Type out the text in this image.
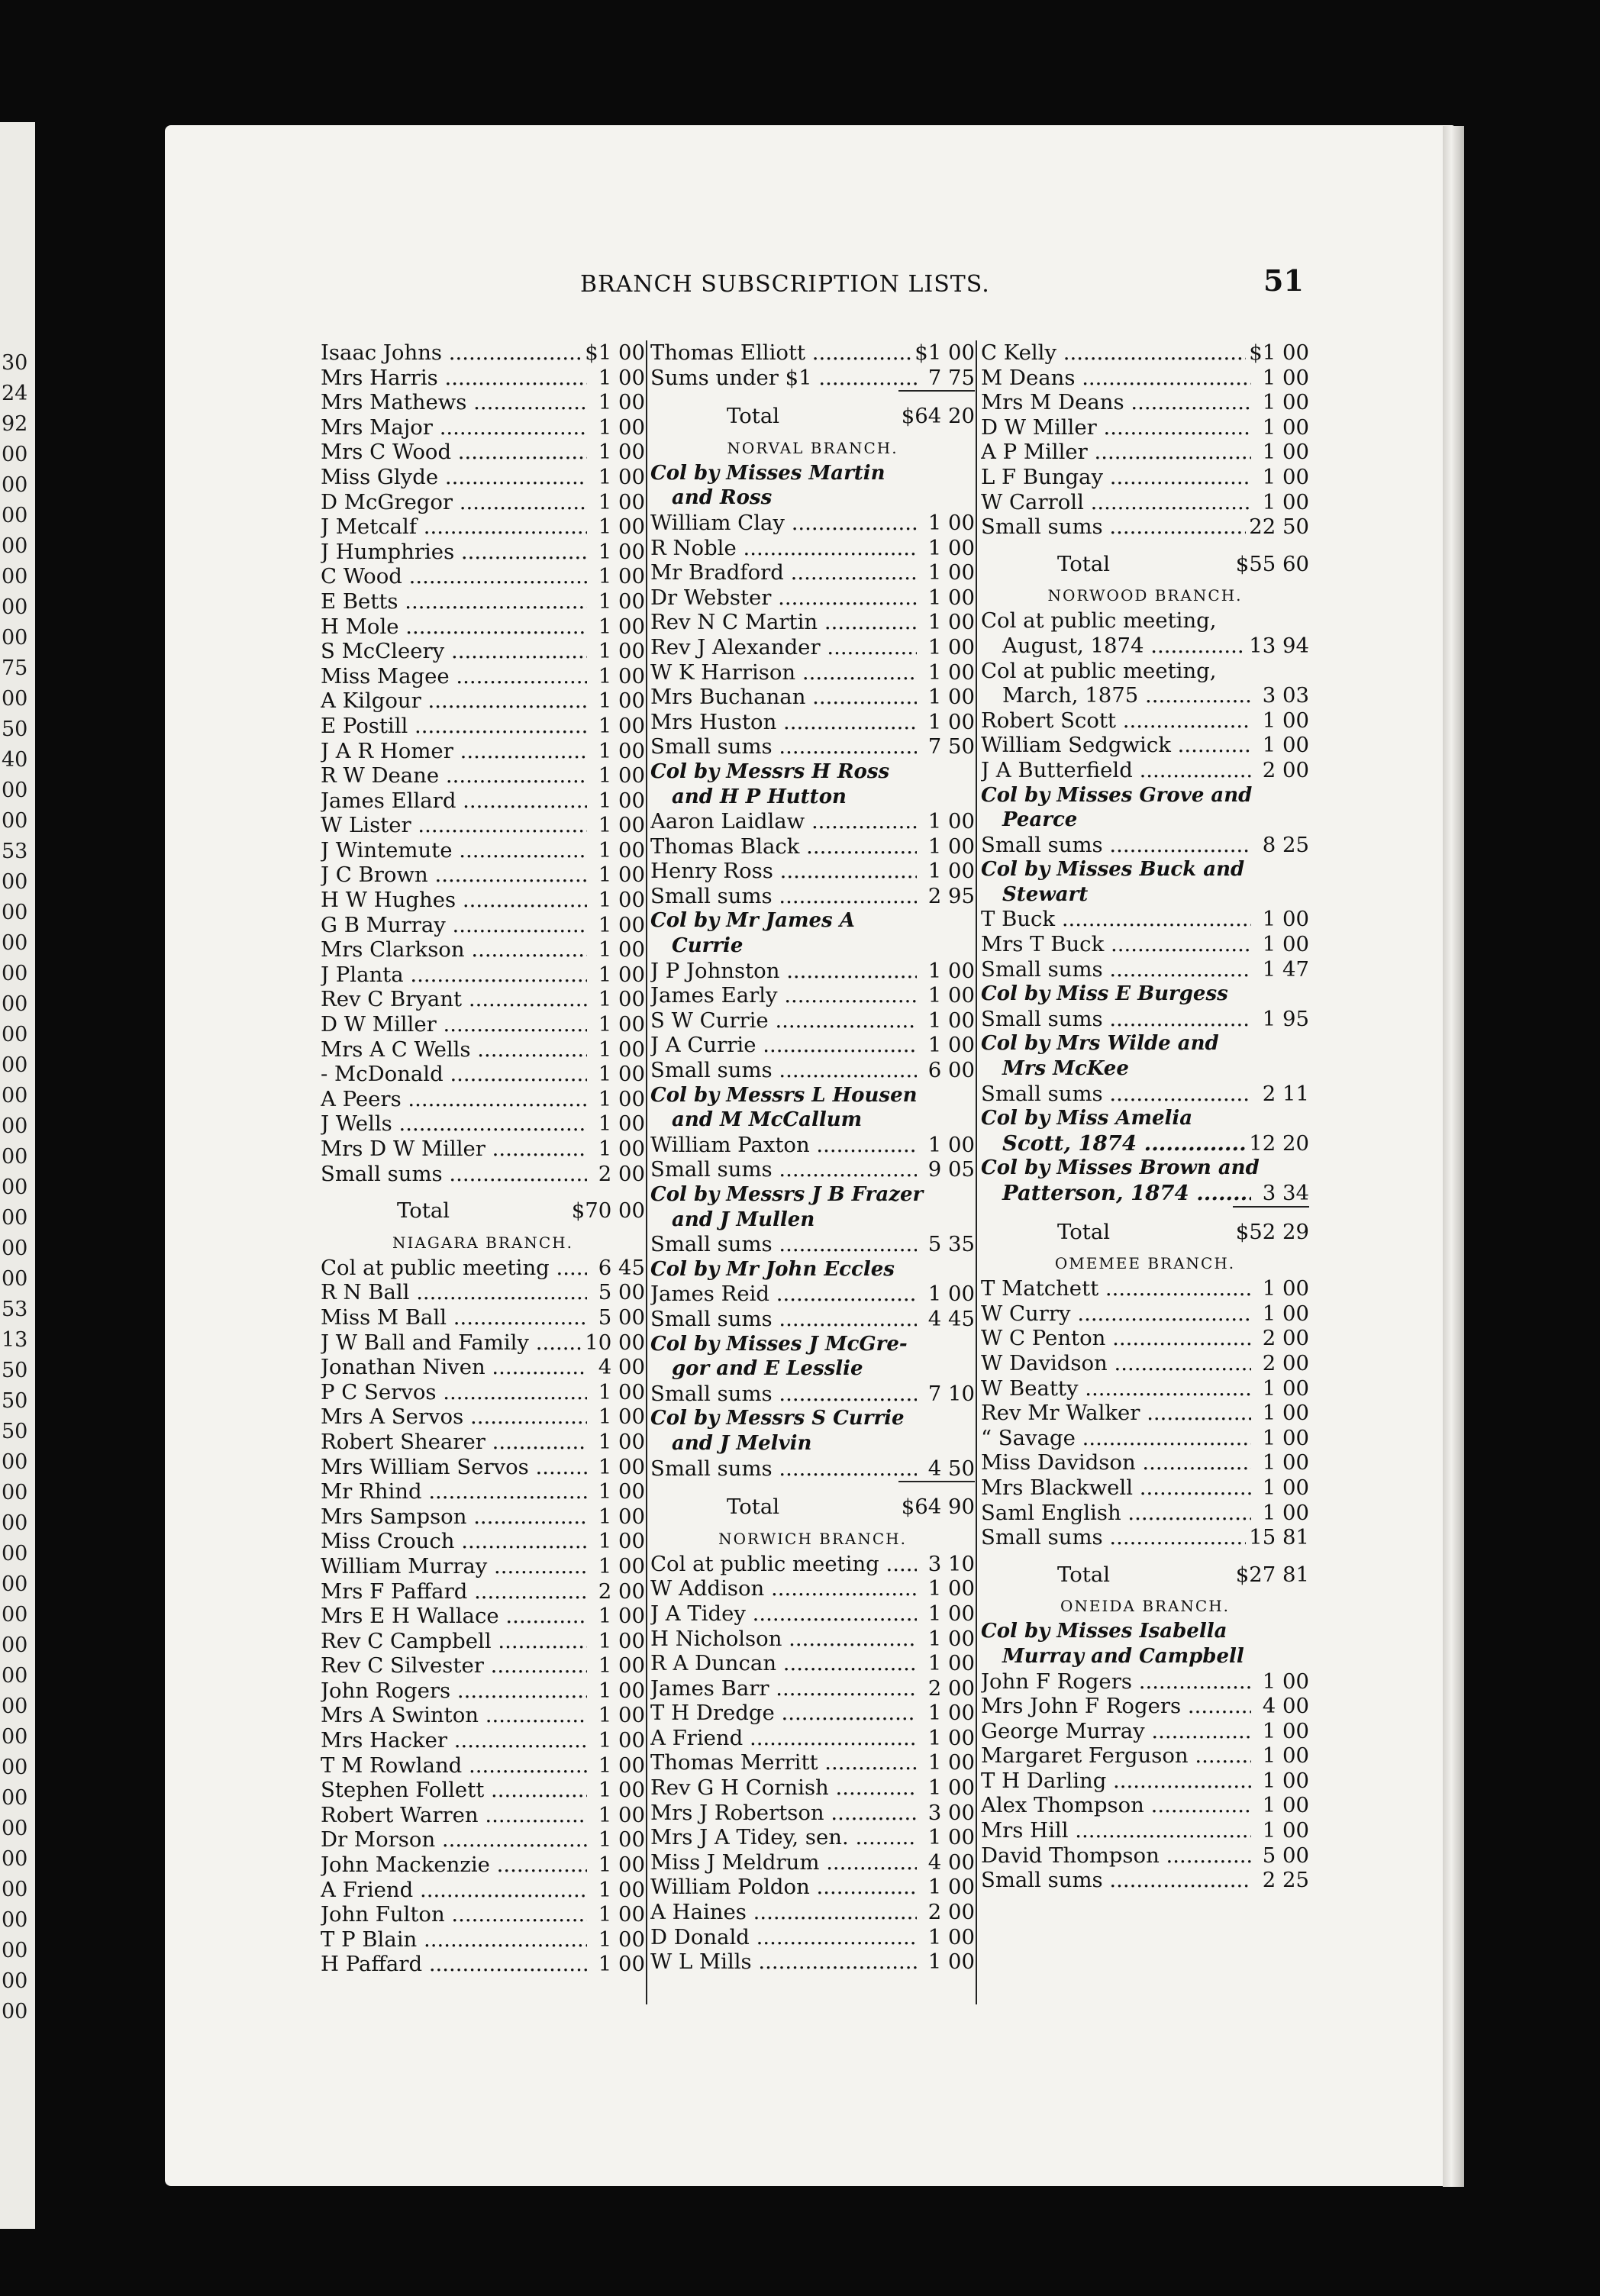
30
24
92
00
00
00
00
00
00
00
75
00
50
40
00
00
53
00
00
00
00
00
00
00
00
00
00
00
00
00
00
53
13
50
50
50
00
00
00
00
00
00
00
00
00
00
00
00
00
00
00
00
00
00
00
BRANCH SUBSCRIPTION LISTS.	51
Isaac Johns .....	$1 00
Mrs Harris .....	1 00
Mrs Mathews .....	1 00
Mrs Major .....	1 00
Mrs C Wood .....	1 00
Miss Glyde .....	1 00
D McGregor .....	1 00
J Metcalf .....	1 00
J Humphries .....	1 00
C Wood .....	1 00
E Betts .....	1 00
H Mole .....	1 00
S McCleery .....	1 00
Miss Magee .....	1 00
A Kilgour .....	1 00
E Postill .....	1 00
J A R Homer .....	1 00
R W Deane .....	1 00
James Ellard .....	1 00
W Lister .....	1 00
J Wintemute .....	1 00
J C Brown .....	1 00
H W Hughes .....	1 00
G B Murray .....	1 00
Mrs Clarkson .....	1 00
J Planta .....	1 00
Rev C Bryant .....	1 00
D W Miller .....	1 00
Mrs A C Wells .....	1 00
- McDonald .....	1 00
A Peers .....	1 00
J Wells .....	1 00
Mrs D W Miller .....	1 00
Small sums .....	2 00
Total	$70 00
NIAGARA BRANCH.
Col at public meeting .....	6 45
R N Ball .....	5 00
Miss M Ball .....	5 00
J W Ball and Family .....	10 00
Jonathan Niven .....	4 00
P C Servos .....	1 00
Mrs A Servos .....	1 00
Robert Shearer .....	1 00
Mrs William Servos .....	1 00
Mr Rhind .....	1 00
Mrs Sampson .....	1 00
Miss Crouch .....	1 00
William Murray .....	1 00
Mrs F Paffard .....	2 00
Mrs E H Wallace .....	1 00
Rev C Campbell .....	1 00
Rev C Silvester .....	1 00
John Rogers .....	1 00
Mrs A Swinton .....	1 00
Mrs Hacker .....	1 00
T M Rowland .....	1 00
Stephen Follett .....	1 00
Robert Warren .....	1 00
Dr Morson .....	1 00
John Mackenzie .....	1 00
A Friend .....	1 00
John Fulton .....	1 00
T P Blain .....	1 00
H Paffard .....	1 00
Thomas Elliott .....	$1 00
Sums under $1 .....	7 75
Total	$64 20
NORVAL BRANCH.
Col by Misses Martin
and Ross
William Clay .....	1 00
R Noble .....	1 00
Mr Bradford .....	1 00
Dr Webster .....	1 00
Rev N C Martin .....	1 00
Rev J Alexander .....	1 00
W K Harrison .....	1 00
Mrs Buchanan .....	1 00
Mrs Huston .....	1 00
Small sums .....	7 50
Col by Messrs H Ross
and H P Hutton
Aaron Laidlaw .....	1 00
Thomas Black .....	1 00
Henry Ross .....	1 00
Small sums .....	2 95
Col by Mr James A
Currie
J P Johnston .....	1 00
James Early .....	1 00
S W Currie .....	1 00
J A Currie .....	1 00
Small sums .....	6 00
Col by Messrs L Housen
and M McCallum
William Paxton .....	1 00
Small sums .....	9 05
Col by Messrs J B Frazer
and J Mullen
Small sums .....	5 35
Col by Mr John Eccles
James Reid .....	1 00
Small sums .....	4 45
Col by Misses J McGre-
gor and E Lesslie
Small sums .....	7 10
Col by Messrs S Currie
and J Melvin
Small sums .....	4 50
Total	$64 90
NORWICH BRANCH.
Col at public meeting .....	3 10
W Addison .....	1 00
J A Tidey .....	1 00
H Nicholson .....	1 00
R A Duncan .....	1 00
James Barr .....	2 00
T H Dredge .....	1 00
A Friend .....	1 00
Thomas Merritt .....	1 00
Rev G H Cornish .....	1 00
Mrs J Robertson .....	3 00
Mrs J A Tidey, sen. .....	1 00
Miss J Meldrum .....	4 00
William Poldon .....	1 00
A Haines .....	2 00
D Donald .....	1 00
W L Mills .....	1 00
C Kelly .....	$1 00
M Deans .....	1 00
Mrs M Deans .....	1 00
D W Miller .....	1 00
A P Miller .....	1 00
L F Bungay .....	1 00
W Carroll .....	1 00
Small sums .....	22 50
Total	$55 60
NORWOOD BRANCH.
Col at public meeting,
August, 1874 .....	13 94
Col at public meeting,
March, 1875 .....	3 03
Robert Scott .....	1 00
William Sedgwick .....	1 00
J A Butterfield .....	2 00
Col by Misses Grove and
Pearce
Small sums .....	8 25
Col by Misses Buck and
Stewart
T Buck .....	1 00
Mrs T Buck .....	1 00
Small sums .....	1 47
Col by Miss E Burgess
Small sums .....	1 95
Col by Mrs Wilde and
Mrs McKee
Small sums .....	2 11
Col by Miss Amelia
Scott, 1874 .....	12 20
Col by Misses Brown and
Patterson, 1874 .....	3 34
Total	$52 29
OMEMEE BRANCH.
T Matchett .....	1 00
W Curry .....	1 00
W C Penton .....	2 00
W Davidson .....	2 00
W Beatty .....	1 00
Rev Mr Walker .....	1 00
“ Savage .....	1 00
Miss Davidson .....	1 00
Mrs Blackwell .....	1 00
Saml English .....	1 00
Small sums .....	15 81
Total	$27 81
ONEIDA BRANCH.
Col by Misses Isabella
Murray and Campbell
John F Rogers .....	1 00
Mrs John F Rogers .....	4 00
George Murray .....	1 00
Margaret Ferguson .....	1 00
T H Darling .....	1 00
Alex Thompson .....	1 00
Mrs Hill .....	1 00
David Thompson .....	5 00
Small sums .....	2 25
